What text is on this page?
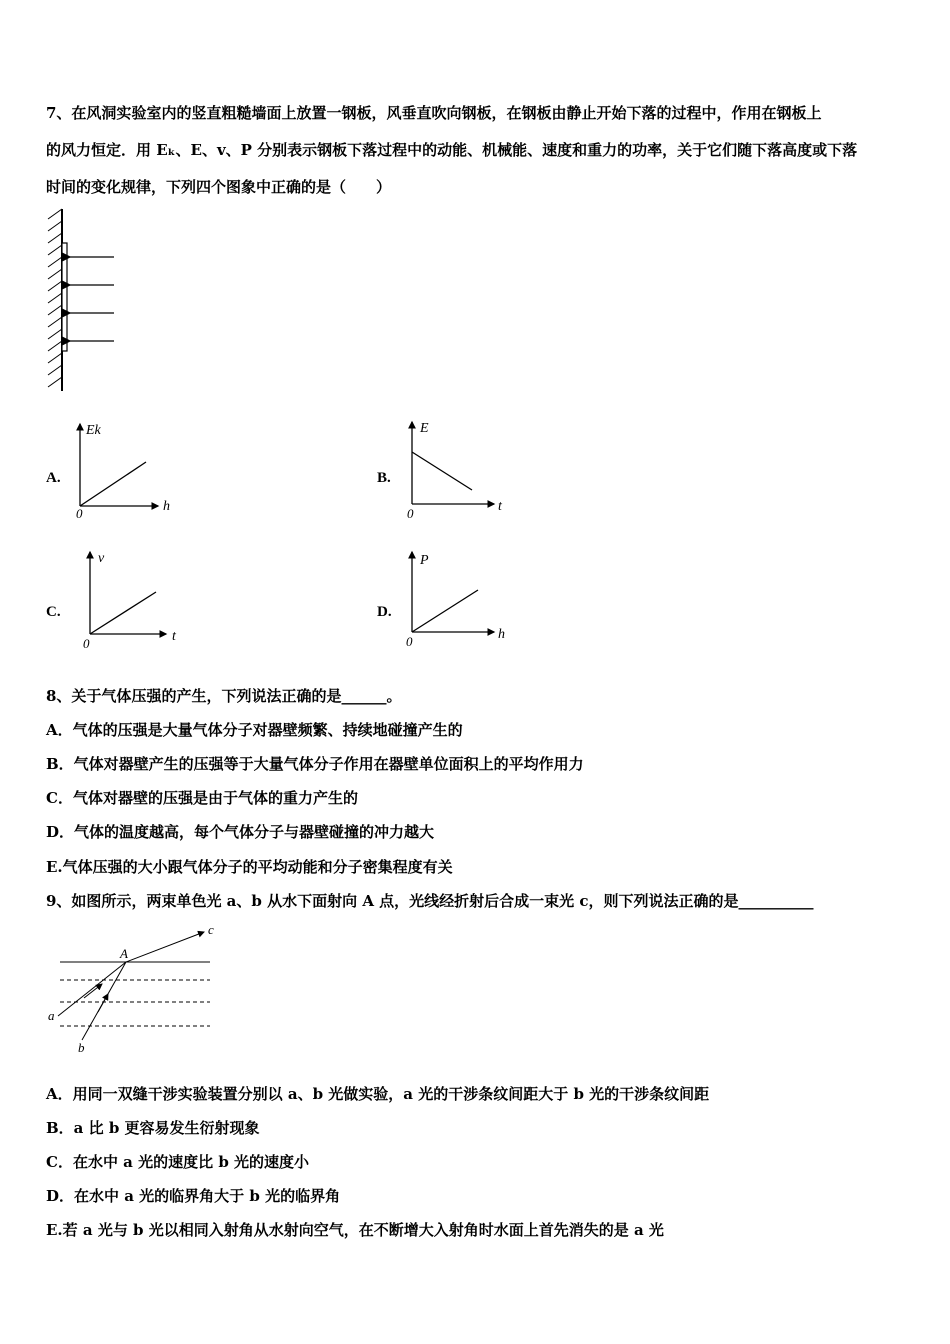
7、在风洞实验室内的竖直粗糙墙面上放置一钢板，风垂直吹向钢板，在钢板由静止开始下落的过程中，作用在钢板上
的风力恒定．用 Eₖ、E、v、P 分别表示钢板下落过程中的动能、机械能、速度和重力的功率，关于它们随下落高度或下落
时间的变化规律，下列四个图象中正确的是（　　）
A.
Ek
h
0
B.
E
t
0
C.
v
t
0
D.
P
h
0
8、关于气体压强的产生，下列说法正确的是______。
A．气体的压强是大量气体分子对器壁频繁、持续地碰撞产生的
B．气体对器壁产生的压强等于大量气体分子作用在器壁单位面积上的平均作用力
C．气体对器壁的压强是由于气体的重力产生的
D．气体的温度越高，每个气体分子与器壁碰撞的冲力越大
E.气体压强的大小跟气体分子的平均动能和分子密集程度有关
9、如图所示，两束单色光 a、b 从水下面射向 A 点，光线经折射后合成一束光 c，则下列说法正确的是__________
A
a
b
c
A．用同一双缝干涉实验装置分别以 a、b 光做实验，a 光的干涉条纹间距大于 b 光的干涉条纹间距
B．a 比 b 更容易发生衍射现象
C．在水中 a 光的速度比 b 光的速度小
D．在水中 a 光的临界角大于 b 光的临界角
E.若 a 光与 b 光以相同入射角从水射向空气，在不断增大入射角时水面上首先消失的是 a 光
